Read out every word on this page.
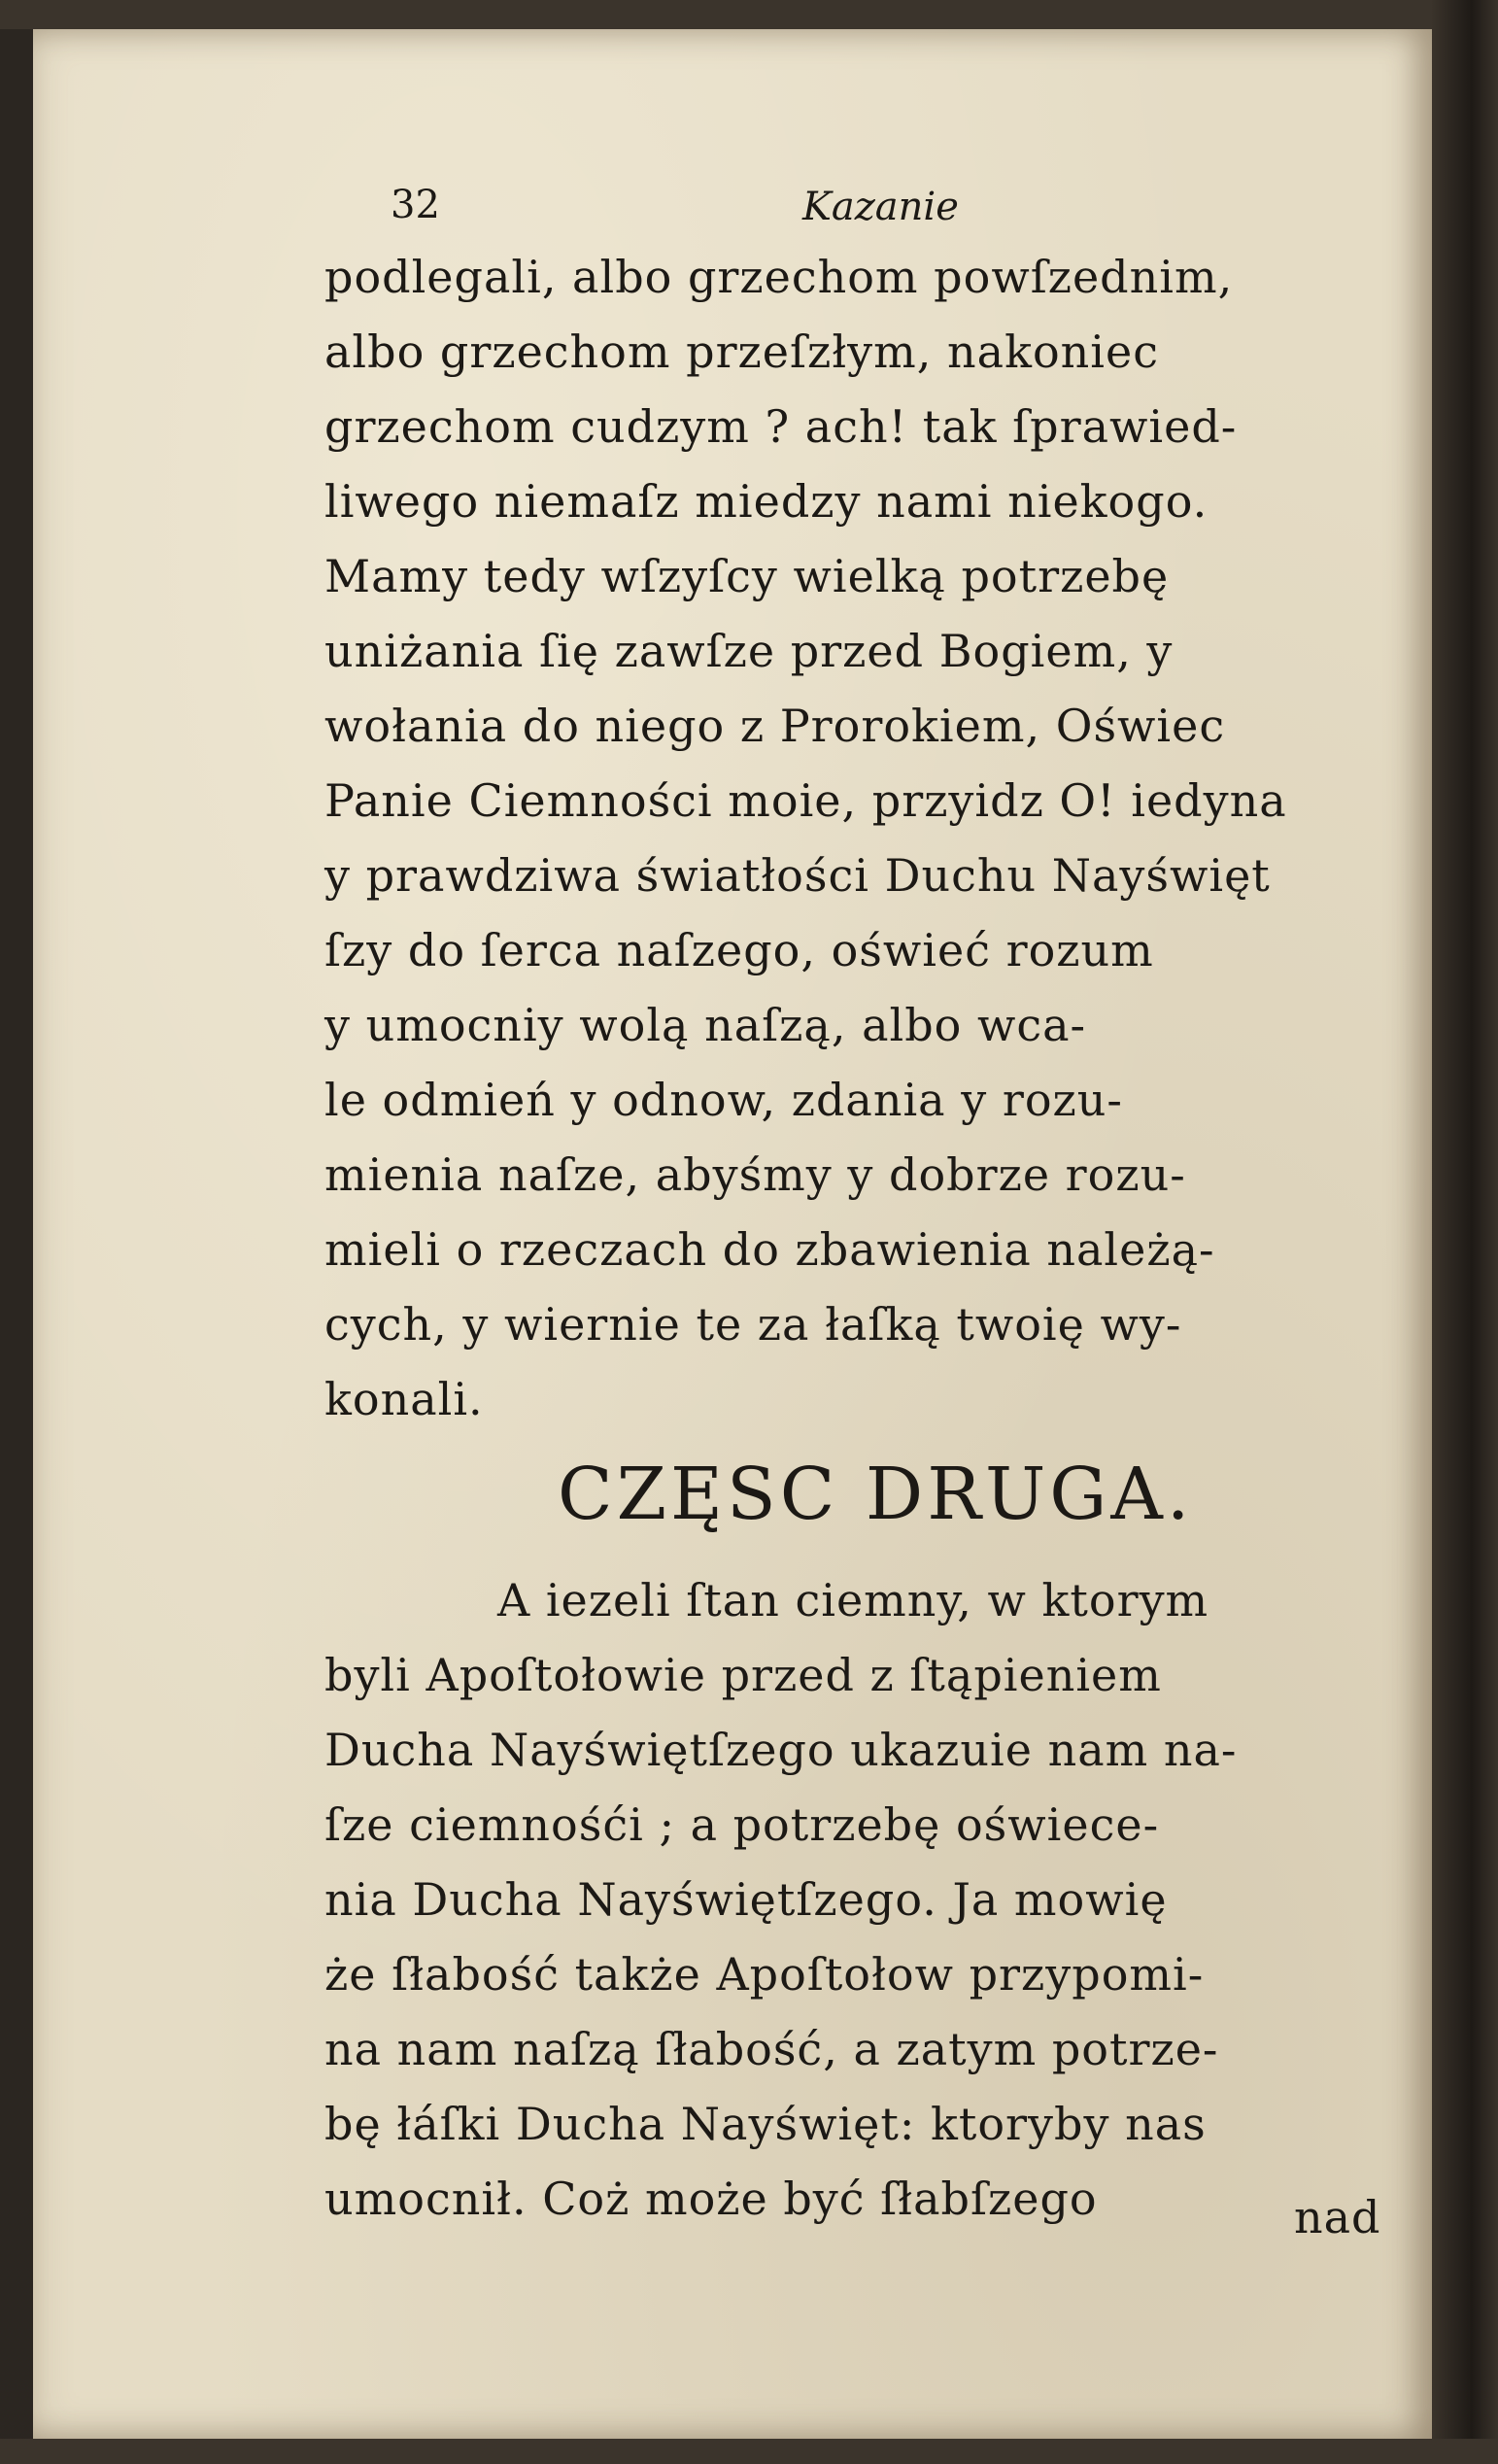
32	Kazanie
podlegali, albo grzechom powſzednim,
albo grzechom przeſzłym, nakoniec
grzechom cudzym ? ach! tak ſprawied-
liwego niemaſz miedzy nami niekogo.
Mamy tedy wſzyſcy wielką potrzebę
uniżania ſię zawſze przed Bogiem, y
wołania do niego z Prorokiem, Oświec
Panie Ciemności moie, przyidz O! iedyna
y prawdziwa światłości Duchu Nayświęt
ſzy do ſerca naſzego, oświeć rozum
y umocniy wolą naſzą, albo wca-
le odmień y odnow, zdania y rozu-
mienia naſze, abyśmy y dobrze rozu-
mieli o rzeczach do zbawienia należą-
cych, y wiernie te za łaſką twoię wy-
konali.
CZĘSC DRUGA.
A iezeli ſtan ciemny, w ktorym
byli Apoſtołowie przed z ſtąpieniem
Ducha Nayświętſzego ukazuie nam na-
ſze ciemnośći ; a potrzebę oświece-
nia Ducha Nayświętſzego. Ja mowię
że ſłabość także Apoſtołow przypomi-
na nam naſzą ſłabość, a zatym potrze-
bę łáſki Ducha Nayświęt: ktoryby nas
umocnił. Coż może być ſłabſzego	nad
